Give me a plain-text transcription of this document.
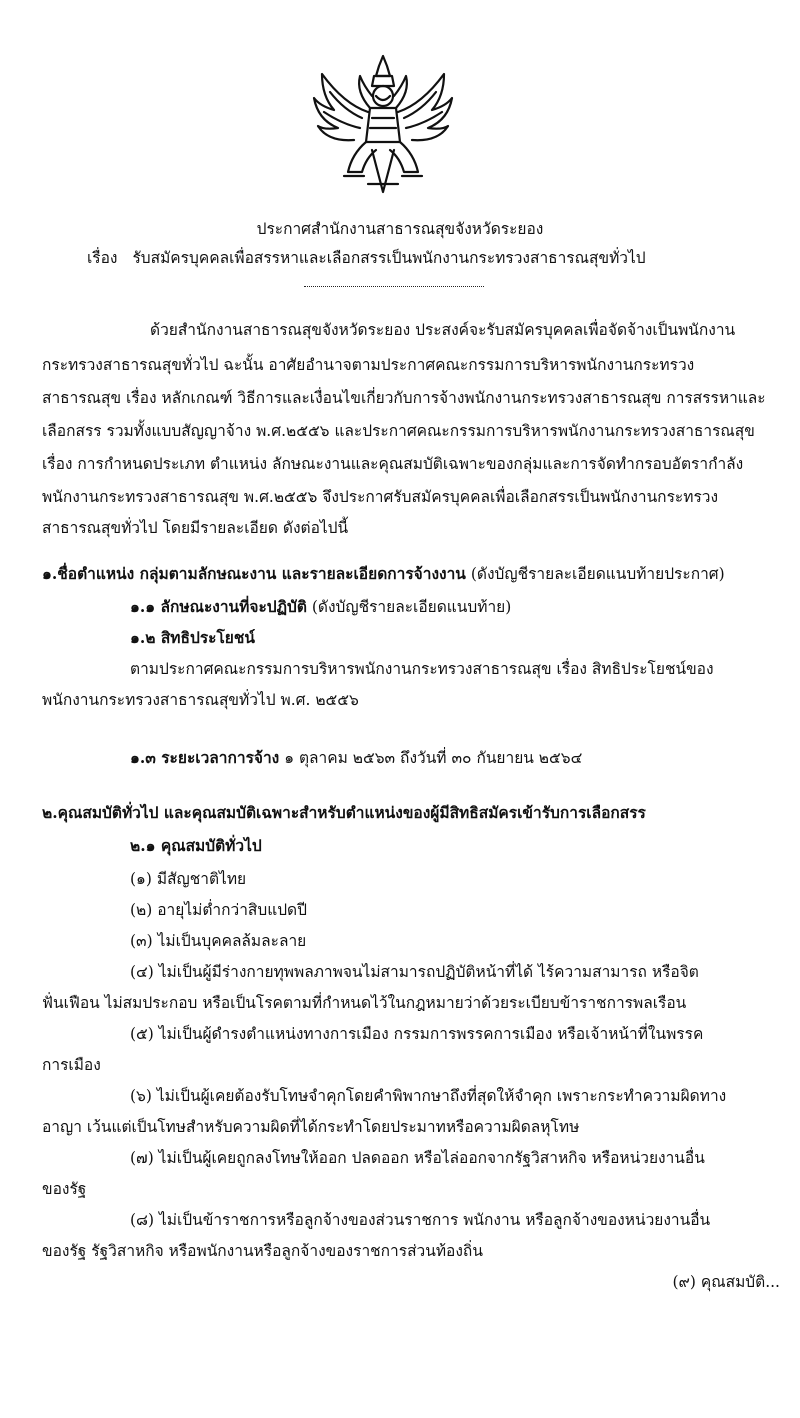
ประกาศสำนักงานสาธารณสุขจังหวัดระยอง
เรื่อง รับสมัครบุคคลเพื่อสรรหาและเลือกสรรเป็นพนักงานกระทรวงสาธารณสุขทั่วไป
ด้วยสำนักงานสาธารณสุขจังหวัดระยอง ประสงค์จะรับสมัครบุคคลเพื่อจัดจ้างเป็นพนักงาน
กระทรวงสาธารณสุขทั่วไป ฉะนั้น อาศัยอำนาจตามประกาศคณะกรรมการบริหารพนักงานกระทรวง
สาธารณสุข เรื่อง หลักเกณฑ์ วิธีการและเงื่อนไขเกี่ยวกับการจ้างพนักงานกระทรวงสาธารณสุข การสรรหาและ
เลือกสรร รวมทั้งแบบสัญญาจ้าง พ.ศ.๒๕๕๖ และประกาศคณะกรรมการบริหารพนักงานกระทรวงสาธารณสุข
เรื่อง การกำหนดประเภท ตำแหน่ง ลักษณะงานและคุณสมบัติเฉพาะของกลุ่มและการจัดทำกรอบอัตรากำลัง
พนักงานกระทรวงสาธารณสุข พ.ศ.๒๕๕๖ จึงประกาศรับสมัครบุคคลเพื่อเลือกสรรเป็นพนักงานกระทรวง
สาธารณสุขทั่วไป โดยมีรายละเอียด ดังต่อไปนี้
๑.ชื่อตำแหน่ง กลุ่มตามลักษณะงาน และรายละเอียดการจ้างงาน (ดังบัญชีรายละเอียดแนบท้ายประกาศ)
๑.๑ ลักษณะงานที่จะปฏิบัติ (ดังบัญชีรายละเอียดแนบท้าย)
๑.๒ สิทธิประโยชน์
ตามประกาศคณะกรรมการบริหารพนักงานกระทรวงสาธารณสุข เรื่อง สิทธิประโยชน์ของ
พนักงานกระทรวงสาธารณสุขทั่วไป พ.ศ. ๒๕๕๖
๑.๓ ระยะเวลาการจ้าง ๑ ตุลาคม ๒๕๖๓ ถึงวันที่ ๓๐ กันยายน ๒๕๖๔
๒.คุณสมบัติทั่วไป และคุณสมบัติเฉพาะสำหรับตำแหน่งของผู้มีสิทธิสมัครเข้ารับการเลือกสรร
๒.๑ คุณสมบัติทั่วไป
(๑) มีสัญชาติไทย
(๒) อายุไม่ต่ำกว่าสิบแปดปี
(๓) ไม่เป็นบุคคลล้มละลาย
(๔) ไม่เป็นผู้มีร่างกายทุพพลภาพจนไม่สามารถปฏิบัติหน้าที่ได้ ไร้ความสามารถ หรือจิต
ฟั่นเฟือน ไม่สมประกอบ หรือเป็นโรคตามที่กำหนดไว้ในกฎหมายว่าด้วยระเบียบข้าราชการพลเรือน
(๕) ไม่เป็นผู้ดำรงตำแหน่งทางการเมือง กรรมการพรรคการเมือง หรือเจ้าหน้าที่ในพรรค
การเมือง
(๖) ไม่เป็นผู้เคยต้องรับโทษจำคุกโดยคำพิพากษาถึงที่สุดให้จำคุก เพราะกระทำความผิดทาง
อาญา เว้นแต่เป็นโทษสำหรับความผิดที่ได้กระทำโดยประมาทหรือความผิดลหุโทษ
(๗) ไม่เป็นผู้เคยถูกลงโทษให้ออก ปลดออก หรือไล่ออกจากรัฐวิสาหกิจ หรือหน่วยงานอื่น
ของรัฐ
(๘) ไม่เป็นข้าราชการหรือลูกจ้างของส่วนราชการ พนักงาน หรือลูกจ้างของหน่วยงานอื่น
ของรัฐ รัฐวิสาหกิจ หรือพนักงานหรือลูกจ้างของราชการส่วนท้องถิ่น
(๙) คุณสมบัติ...
